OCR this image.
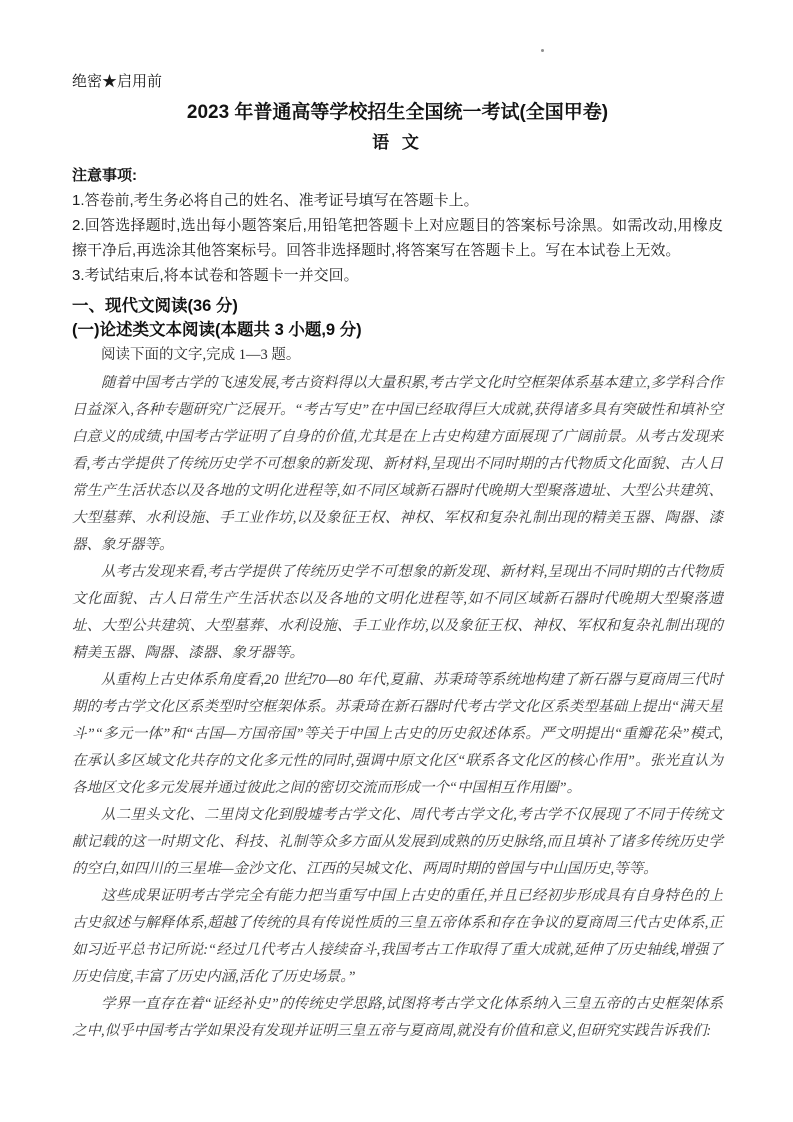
绝密★启用前
2023 年普通高等学校招生全国统一考试(全国甲卷)
语 文
注意事项:
1.答卷前,考生务必将自己的姓名、准考证号填写在答题卡上。
2.回答选择题时,选出每小题答案后,用铅笔把答题卡上对应题目的答案标号涂黑。如需改动,用橡皮擦干净后,再选涂其他答案标号。回答非选择题时,将答案写在答题卡上。写在本试卷上无效。
3.考试结束后,将本试卷和答题卡一并交回。
一、现代文阅读(36 分)
(一)论述类文本阅读(本题共 3 小题,9 分)
阅读下面的文字,完成 1—3 题。

随着中国考古学的飞速发展,考古资料得以大量积累,考古学文化时空框架体系基本建立,多学科合作日益深入,各种专题研究广泛展开。“考古写史”在中国已经取得巨大成就,获得诸多具有突破性和填补空白意义的成绩,中国考古学证明了自身的价值,尤其是在上古史构建方面展现了广阔前景。从考古发现来看,考古学提供了传统历史学不可想象的新发现、新材料,呈现出不同时期的古代物质文化面貌、古人日常生产生活状态以及各地的文明化进程等,如不同区域新石器时代晚期大型聚落遗址、大型公共建筑、大型墓葬、水利设施、手工业作坊,以及象征王权、神权、军权和复杂礼制出现的精美玉器、陶器、漆器、象牙器等。

从考古发现来看,考古学提供了传统历史学不可想象的新发现、新材料,呈现出不同时期的古代物质文化面貌、古人日常生产生活状态以及各地的文明化进程等,如不同区域新石器时代晚期大型聚落遗址、大型公共建筑、大型墓葬、水利设施、手工业作坊,以及象征王权、神权、军权和复杂礼制出现的精美玉器、陶器、漆器、象牙器等。

从重构上古史体系角度看,20 世纪70—80 年代,夏鼐、苏秉琦等系统地构建了新石器与夏商周三代时期的考古学文化区系类型时空框架体系。苏秉琦在新石器时代考古学文化区系类型基础上提出“满天星斗”“多元一体”和“古国—方国帝国”等关于中国上古史的历史叙述体系。严文明提出“重瓣花朵”模式,在承认多区域文化共存的文化多元性的同时,强调中原文化区“联系各文化区的核心作用”。张光直认为各地区文化多元发展并通过彼此之间的密切交流而形成一个“中国相互作用圈”。

从二里头文化、二里岗文化到殷墟考古学文化、周代考古学文化,考古学不仅展现了不同于传统文献记载的这一时期文化、科技、礼制等众多方面从发展到成熟的历史脉络,而且填补了诸多传统历史学的空白,如四川的三星堆—金沙文化、江西的吴城文化、两周时期的曾国与中山国历史,等等。

这些成果证明考古学完全有能力把当重写中国上古史的重任,并且已经初步形成具有自身特色的上古史叙述与解释体系,超越了传统的具有传说性质的三皇五帝体系和存在争议的夏商周三代古史体系,正如习近平总书记所说:“经过几代考古人接续奋斗,我国考古工作取得了重大成就,延伸了历史轴线,增强了历史信度,丰富了历史内涵,活化了历史场景。”

学界一直存在着“证经补史”的传统史学思路,试图将考古学文化体系纳入三皇五帝的古史框架体系之中,似乎中国考古学如果没有发现并证明三皇五帝与夏商周,就没有价值和意义,但研究实践告诉我们:
